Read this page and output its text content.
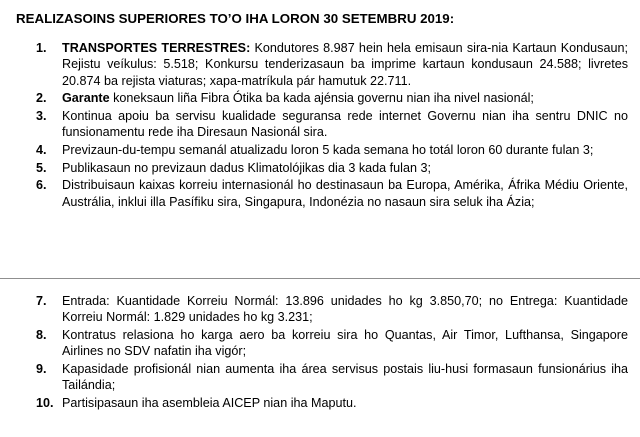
REALIZASOINS SUPERIORES TO’O IHA LORON 30 SETEMBRU 2019:
1. TRANSPORTES TERRESTRES: Kondutores 8.987 hein hela emisaun sira-nia Kartaun Kondusaun; Rejistu veíkulus: 5.518; Konkursu tenderizasaun ba imprime kartaun kondusaun 24.588; livretes 20.874 ba rejista viaturas; xapa-matríkula pár hamutuk 22.711.
2. Garante koneksaun liña Fibra Ótika ba kada ajénsia governu nian iha nivel nasionál;
3. Kontinua apoiu ba servisu kualidade seguransa rede internet Governu nian iha sentru DNIC no funsionamentu rede iha Diresaun Nasionál sira.
4. Previzaun-du-tempu semanál atualizadu loron 5 kada semana ho totál loron 60 durante fulan 3;
5. Publikasaun no previzaun dadus Klimatolójikas dia 3 kada fulan 3;
6. Distribuisaun kaixas korreiu internasionál ho destinasaun ba Europa, Amérika, Áfrika Médiu Oriente, Austrália, inklui illa Pasífiku sira, Singapura, Indonézia no nasaun sira seluk iha Ázia;
7. Entrada: Kuantidade Korreiu Normál: 13.896 unidades ho kg 3.850,70; no Entrega: Kuantidade Korreiu Normál: 1.829 unidades ho kg 3.231;
8. Kontratus relasiona ho karga aero ba korreiu sira ho Quantas, Air Timor, Lufthansa, Singapore Airlines no SDV nafatin iha vigór;
9. Kapasidade profisionál nian aumenta iha área servisus postais liu-husi formasaun funsionárius iha Tailándia;
10. Partisipasaun iha asembleia AICEP nian iha Maputu.
